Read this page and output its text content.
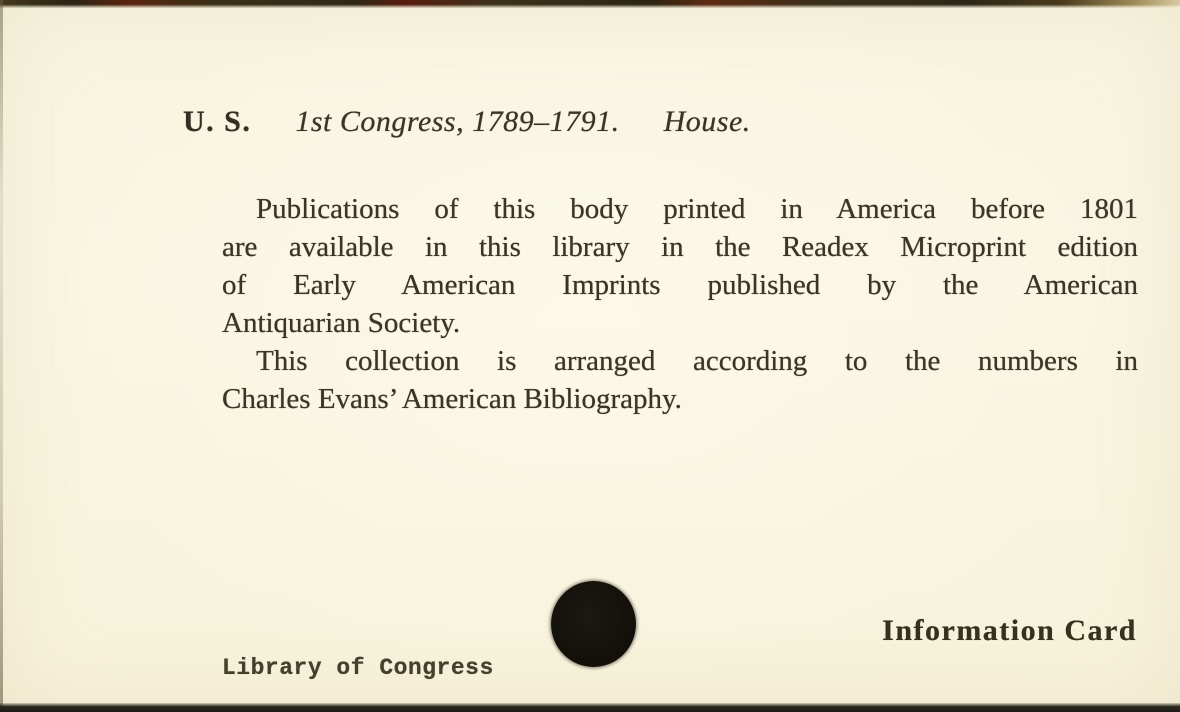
U. S. 1st Congress, 1789–1791. House.
Publications of this body printed in America before 1801
are available in this library in the Readex Microprint edition
of Early American Imprints published by the American
Antiquarian Society.
This collection is arranged according to the numbers in
Charles Evans’ American Bibliography.
Library of Congress
Information Card
